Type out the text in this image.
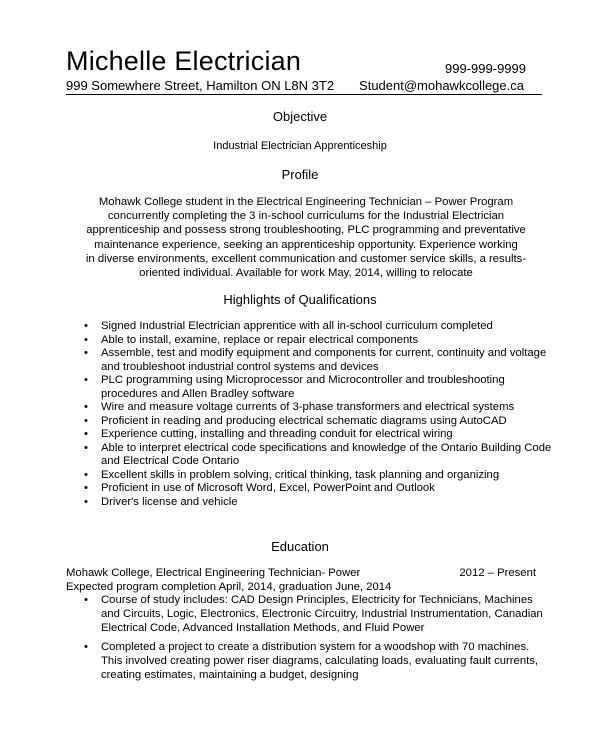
Michelle Electrician	999-999-9999
999 Somewhere Street, Hamilton ON L8N 3T2 Student@mohawkcollege.ca
Objective
Industrial Electrician Apprenticeship
Profile

Mohawk College student in the Electrical Engineering Technician – Power Program

concurrently completing the 3 in-school curriculums for the Industrial Electrician

apprenticeship and possess strong troubleshooting, PLC programming and preventative

maintenance experience, seeking an apprenticeship opportunity. Experience working

in diverse environments, excellent communication and customer service skills, a results-

oriented individual. Available for work May, 2014, willing to relocate

Highlights of Qualifications
• Signed Industrial Electrician apprentice with all in-school curriculum completed
• Able to install, examine, replace or repair electrical components
• Assemble, test and modify equipment and components for current, continuity and voltage and troubleshoot industrial control systems and devices
• PLC programming using Microprocessor and Microcontroller and troubleshooting procedures and Allen Bradley software
• Wire and measure voltage currents of 3-phase transformers and electrical systems
• Proficient in reading and producing electrical schematic diagrams using AutoCAD
• Experience cutting, installing and threading conduit for electrical wiring
• Able to interpret electrical code specifications and knowledge of the Ontario Building Code and Electrical Code Ontario
• Excellent skills in problem solving, critical thinking, task planning and organizing
• Proficient in use of Microsoft Word, Excel, PowerPoint and Outlook
• Driver's license and vehicle
Education
Mohawk College, Electrical Engineering Technician- Power	2012 – Present
Expected program completion April, 2014, graduation June, 2014
• Course of study includes: CAD Design Principles, Electricity for Technicians, Machines and Circuits, Logic, Electronics, Electronic Circuitry, Industrial Instrumentation, Canadian Electrical Code, Advanced Installation Methods, and Fluid Power
• Completed a project to create a distribution system for a woodshop with 70 machines. This involved creating power riser diagrams, calculating loads, evaluating fault currents, creating estimates, maintaining a budget, designing
